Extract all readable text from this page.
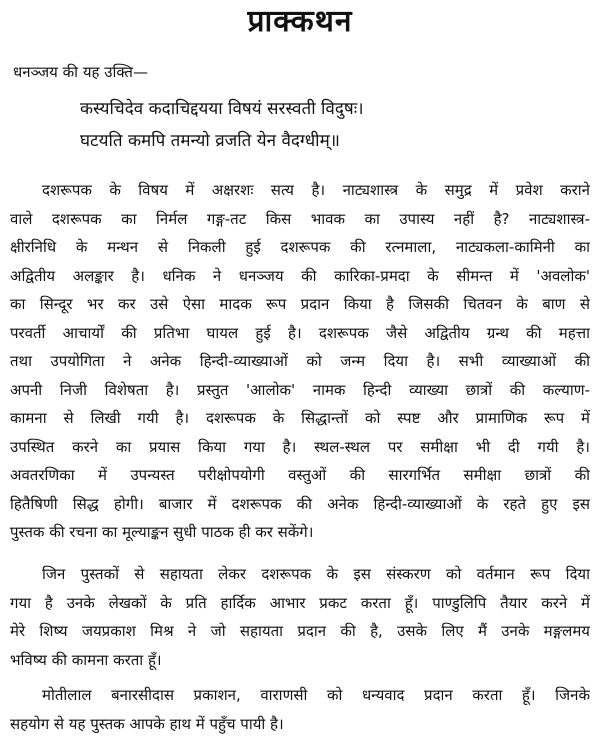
प्राक्कथन
धनञ्जय की यह उक्ति—
कस्यचिदेव कदाचिद्दयया विषयं सरस्वती विदुषः।
घटयति कमपि तमन्यो व्रजति येन वैदग्धीम्॥
दशरूपक के विषय में अक्षरशः सत्य है। नाट्यशास्त्र के समुद्र में प्रवेश कराने
वाले दशरूपक का निर्मल गङ्ग-तट किस भावक का उपास्य नहीं है? नाट्यशास्त्र-
क्षीरनिधि के मन्थन से निकली हुई दशरूपक की रत्नमाला, नाट्यकला-कामिनी का
अद्वितीय अलङ्कार है। धनिक ने धनञ्जय की कारिका-प्रमदा के सीमन्त में 'अवलोक'
का सिन्दूर भर कर उसे ऐसा मादक रूप प्रदान किया है जिसकी चितवन के बाण से
परवर्ती आचार्यों की प्रतिभा घायल हुई है। दशरूपक जैसे अद्वितीय ग्रन्थ की महत्ता
तथा उपयोगिता ने अनेक हिन्दी-व्याख्याओं को जन्म दिया है। सभी व्याख्याओं की
अपनी निजी विशेषता है। प्रस्तुत 'आलोक' नामक हिन्दी व्याख्या छात्रों की कल्याण-
कामना से लिखी गयी है। दशरूपक के सिद्धान्तों को स्पष्ट और प्रामाणिक रूप में
उपस्थित करने का प्रयास किया गया है। स्थल-स्थल पर समीक्षा भी दी गयी है।
अवतरणिका में उपन्यस्त परीक्षोपयोगी वस्तुओं की सारगर्भित समीक्षा छात्रों की
हितैषिणी सिद्ध होगी। बाजार में दशरूपक की अनेक हिन्दी-व्याख्याओं के रहते हुए इस
पुस्तक की रचना का मूल्याङ्कन सुधी पाठक ही कर सकेंगे।
जिन पुस्तकों से सहायता लेकर दशरूपक के इस संस्करण को वर्तमान रूप दिया
गया है उनके लेखकों के प्रति हार्दिक आभार प्रकट करता हूँ। पाण्डुलिपि तैयार करने में
मेरे शिष्य जयप्रकाश मिश्र ने जो सहायता प्रदान की है, उसके लिए मैं उनके मङ्गलमय
भविष्य की कामना करता हूँ।
मोतीलाल बनारसीदास प्रकाशन, वाराणसी को धन्यवाद प्रदान करता हूँ। जिनके
सहयोग से यह पुस्तक आपके हाथ में पहुँच पायी है।
